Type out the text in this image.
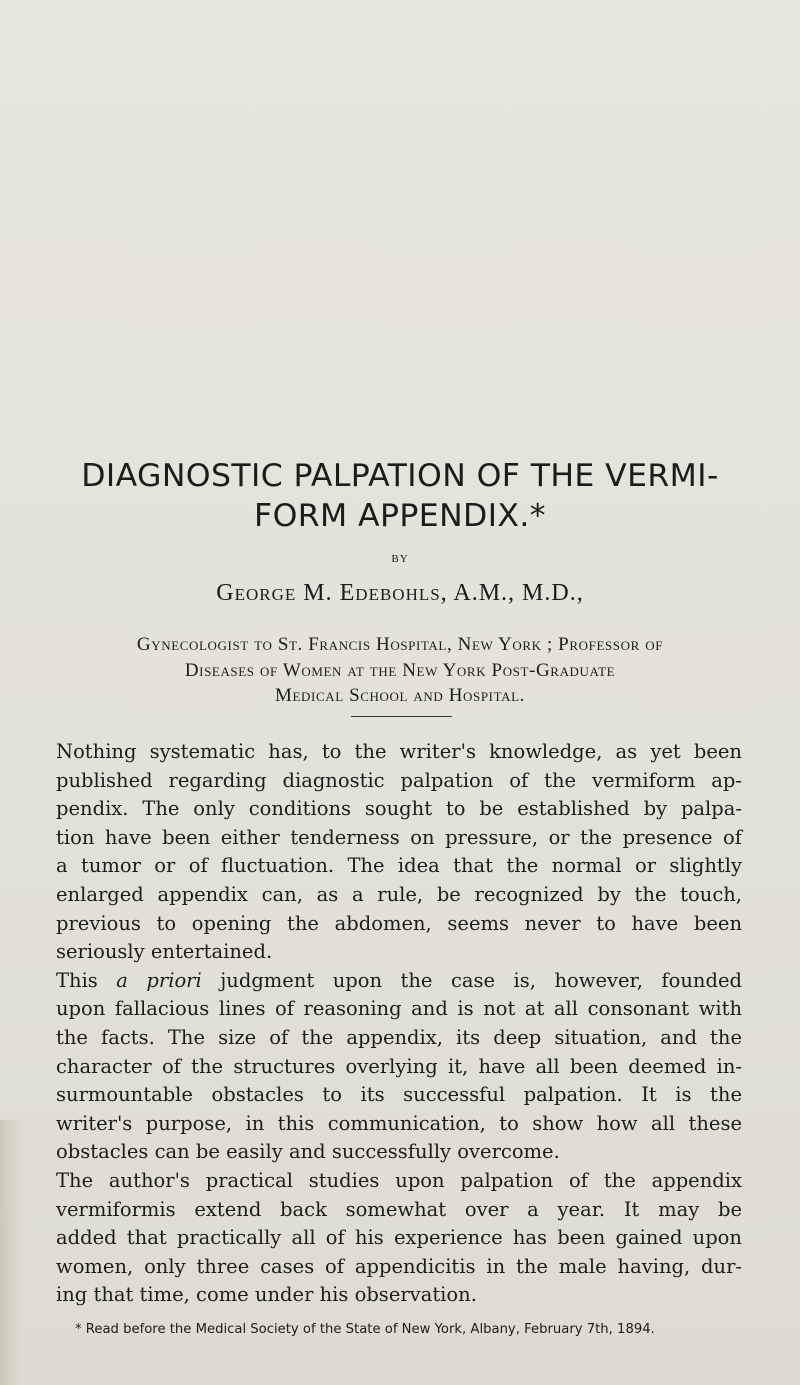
DIAGNOSTIC PALPATION OF THE VERMI-
FORM APPENDIX.*
BY
George M. Edebohls, A.M., M.D.,
Gynecologist to St. Francis Hospital, New York ; Professor of
Diseases of Women at the New York Post-Graduate
Medical School and Hospital.
Nothing systematic has, to the writer's knowledge, as yet been
published regarding diagnostic palpation of the vermiform ap-
pendix. The only conditions sought to be established by palpa-
tion have been either tenderness on pressure, or the presence of
a tumor or of fluctuation. The idea that the normal or slightly
enlarged appendix can, as a rule, be recognized by the touch,
previous to opening the abdomen, seems never to have been
seriously entertained.
This a priori judgment upon the case is, however, founded
upon fallacious lines of reasoning and is not at all consonant with
the facts. The size of the appendix, its deep situation, and the
character of the structures overlying it, have all been deemed in-
surmountable obstacles to its successful palpation. It is the
writer's purpose, in this communication, to show how all these
obstacles can be easily and successfully overcome.
The author's practical studies upon palpation of the appendix
vermiformis extend back somewhat over a year. It may be
added that practically all of his experience has been gained upon
women, only three cases of appendicitis in the male having, dur-
ing that time, come under his observation.
* Read before the Medical Society of the State of New York, Albany, February 7th, 1894.
